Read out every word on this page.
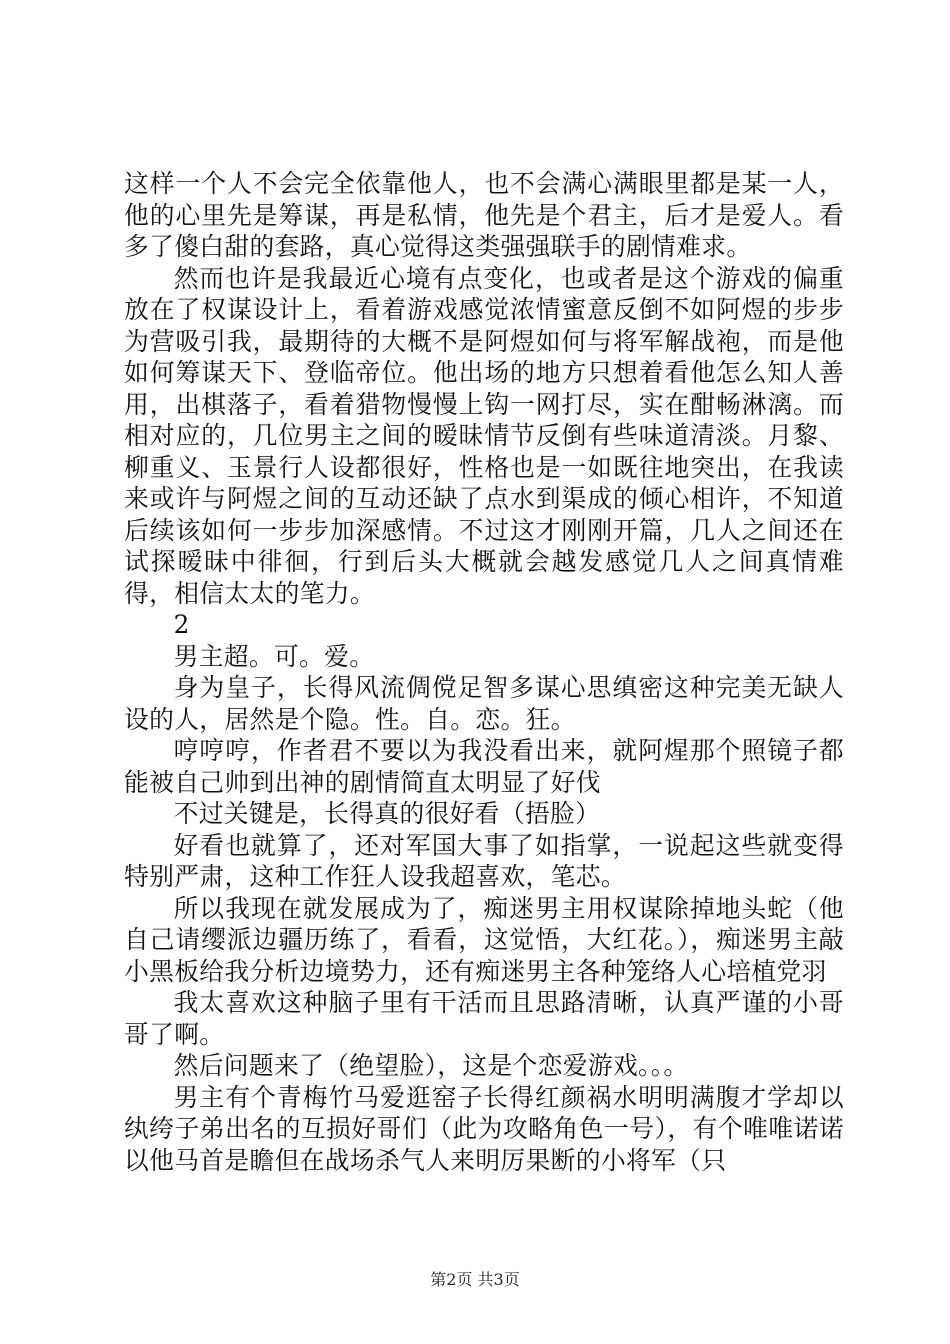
这样一个人不会完全依靠他人，也不会满心满眼里都是某一人，他的心里先是筹谋，再是私情，他先是个君主，后才是爱人。看多了傻白甜的套路，真心觉得这类强强联手的剧情难求。

然而也许是我最近心境有点变化，也或者是这个游戏的偏重放在了权谋设计上，看着游戏感觉浓情蜜意反倒不如阿煜的步步为营吸引我，最期待的大概不是阿煜如何与将军解战袍，而是他如何筹谋天下、登临帝位。他出场的地方只想着看他怎么知人善用，出棋落子，看着猎物慢慢上钩一网打尽，实在酣畅淋漓。而相对应的，几位男主之间的暧昧情节反倒有些味道清淡。月黎、柳重义、玉景行人设都很好，性格也是一如既往地突出，在我读来或许与阿煜之间的互动还缺了点水到渠成的倾心相许，不知道后续该如何一步步加深感情。不过这才刚刚开篇，几人之间还在试探暧昧中徘徊，行到后头大概就会越发感觉几人之间真情难得，相信太太的笔力。

2

男主超。可。爱。

身为皇子，长得风流倜傥足智多谋心思缜密这种完美无缺人设的人，居然是个隐。性。自。恋。狂。

哼哼哼，作者君不要以为我没看出来，就阿煋那个照镜子都能被自己帅到出神的剧情简直太明显了好伐

不过关键是，长得真的很好看（捂脸）

好看也就算了，还对军国大事了如指掌，一说起这些就变得特别严肃，这种工作狂人设我超喜欢，笔芯。

所以我现在就发展成为了，痴迷男主用权谋除掉地头蛇（他自己请缨派边疆历练了，看看，这觉悟，大红花。），痴迷男主敲小黑板给我分析边境势力，还有痴迷男主各种笼络人心培植党羽

我太喜欢这种脑子里有干活而且思路清晰，认真严谨的小哥哥了啊。

然后问题来了（绝望脸），这是个恋爱游戏。。。

男主有个青梅竹马爱逛窑子长得红颜祸水明明满腹才学却以纨绔子弟出名的互损好哥们（此为攻略角色一号），有个唯唯诺诺以他马首是瞻但在战场杀气人来明厉果断的小将军（只

第2页 共3页
